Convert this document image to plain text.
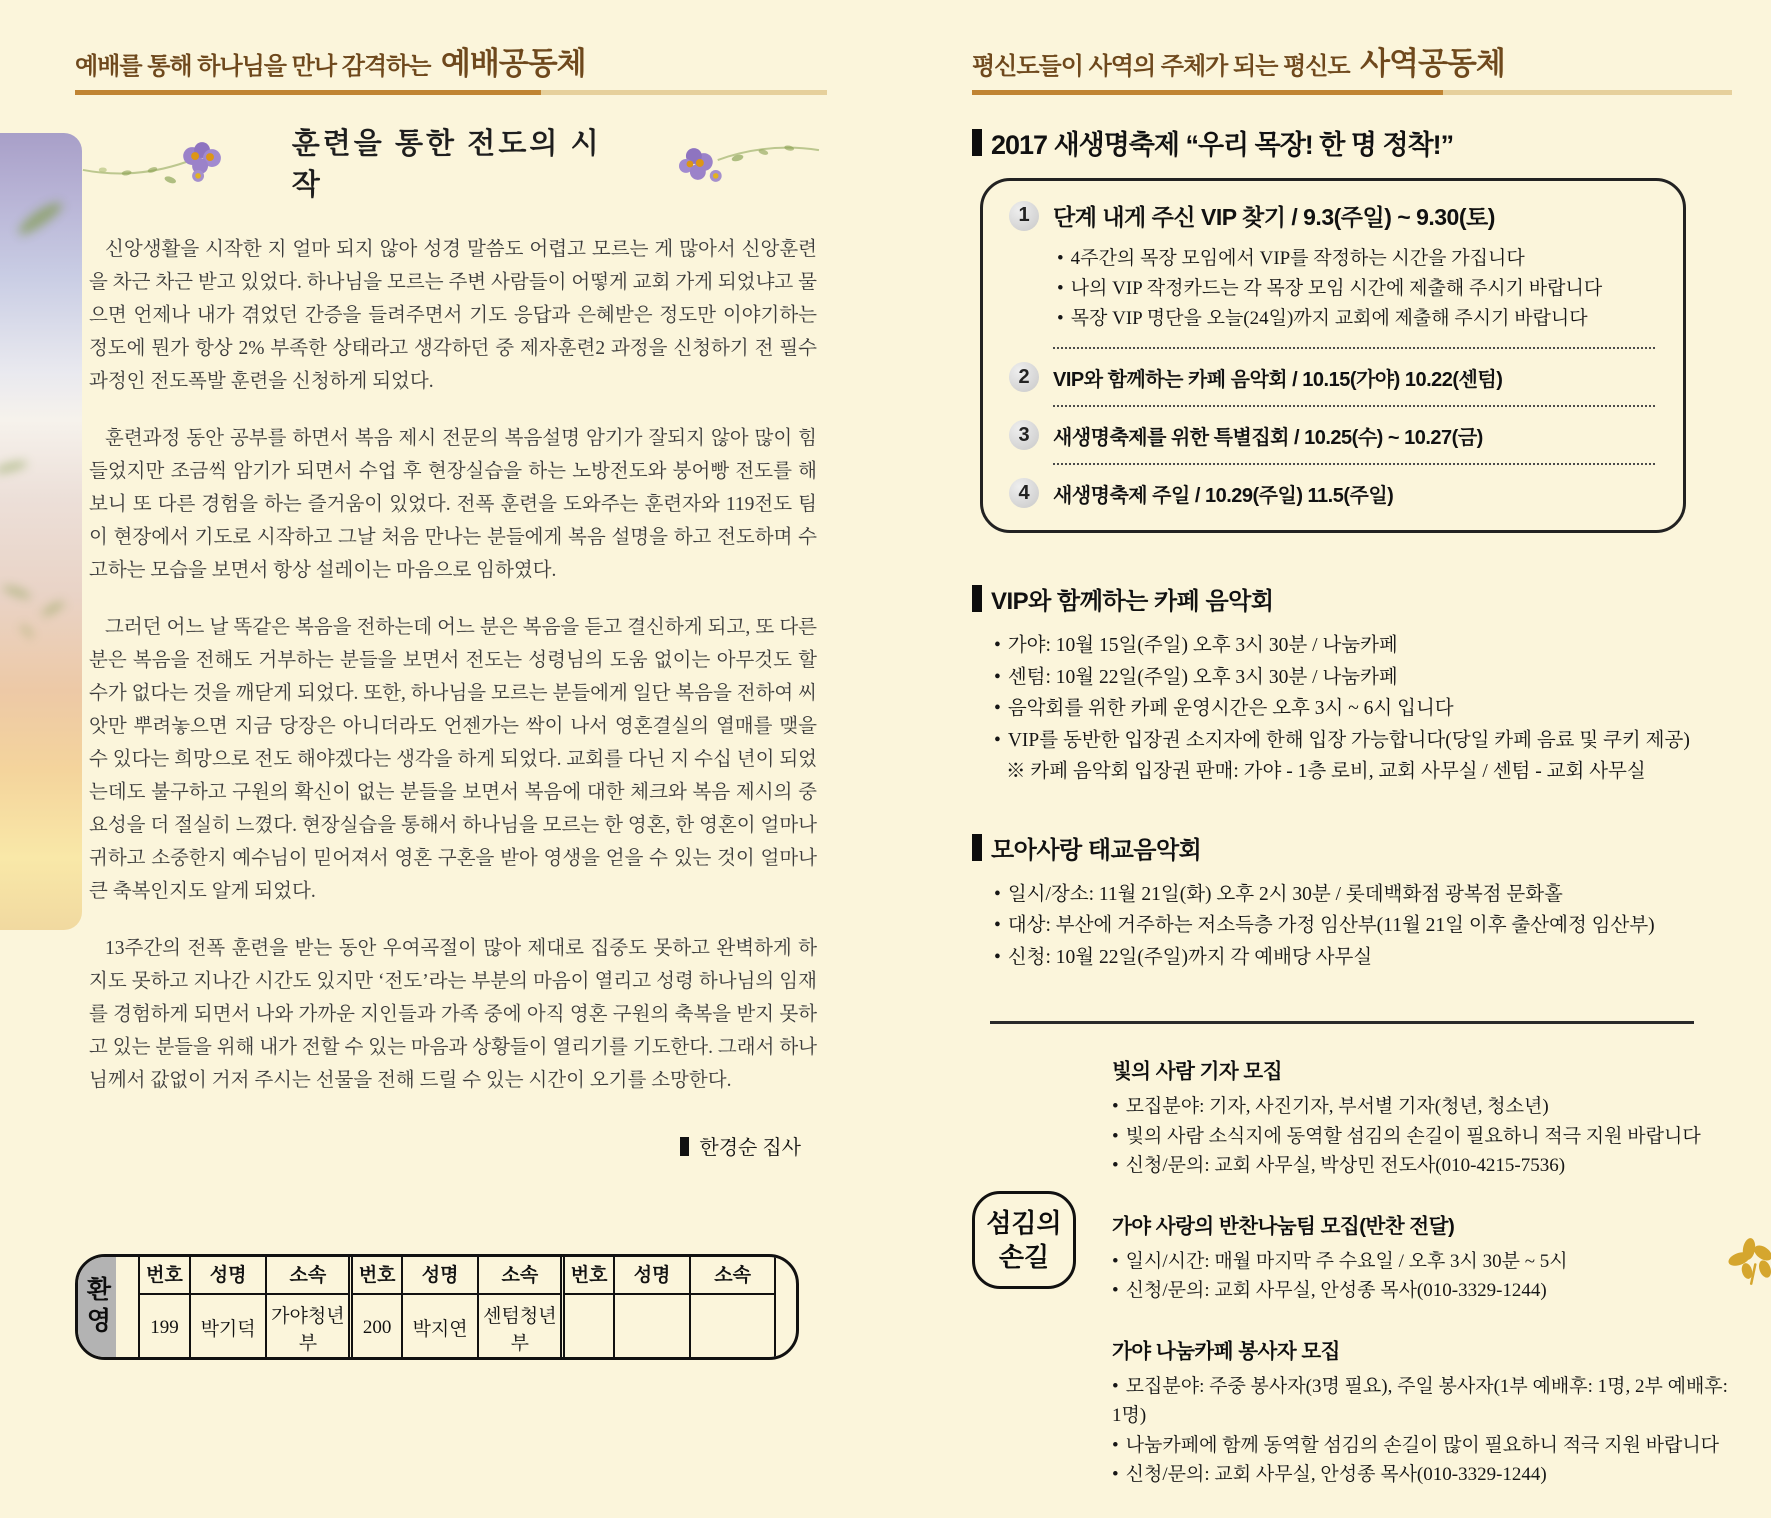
예배를 통해 하나님을 만나 감격하는 예배공동체
훈련을 통한 전도의 시작

신앙생활을 시작한 지 얼마 되지 않아 성경 말씀도 어렵고 모르는 게 많아서 신앙훈련을 차근 차근 받고 있었다. 하나님을 모르는 주변 사람들이 어떻게 교회 가게 되었냐고 물으면 언제나 내가 겪었던 간증을 들려주면서 기도 응답과 은혜받은 정도만 이야기하는 정도에 뭔가 항상 2% 부족한 상태라고 생각하던 중 제자훈련2 과정을 신청하기 전 필수 과정인 전도폭발 훈련을 신청하게 되었다.

훈련과정 동안 공부를 하면서 복음 제시 전문의 복음설명 암기가 잘되지 않아 많이 힘들었지만 조금씩 암기가 되면서 수업 후 현장실습을 하는 노방전도와 붕어빵 전도를 해보니 또 다른 경험을 하는 즐거움이 있었다. 전폭 훈련을 도와주는 훈련자와 119전도 팀이 현장에서 기도로 시작하고 그날 처음 만나는 분들에게 복음 설명을 하고 전도하며 수고하는 모습을 보면서 항상 설레이는 마음으로 임하였다.

그러던 어느 날 똑같은 복음을 전하는데 어느 분은 복음을 듣고 결신하게 되고, 또 다른 분은 복음을 전해도 거부하는 분들을 보면서 전도는 성령님의 도움 없이는 아무것도 할 수가 없다는 것을 깨닫게 되었다. 또한, 하나님을 모르는 분들에게 일단 복음을 전하여 씨앗만 뿌려놓으면 지금 당장은 아니더라도 언젠가는 싹이 나서 영혼결실의 열매를 맺을 수 있다는 희망으로 전도 해야겠다는 생각을 하게 되었다. 교회를 다닌 지 수십 년이 되었는데도 불구하고 구원의 확신이 없는 분들을 보면서 복음에 대한 체크와 복음 제시의 중요성을 더 절실히 느꼈다. 현장실습을 통해서 하나님을 모르는 한 영혼, 한 영혼이 얼마나 귀하고 소중한지 예수님이 믿어져서 영혼 구혼을 받아 영생을 얻을 수 있는 것이 얼마나 큰 축복인지도 알게 되었다.

13주간의 전폭 훈련을 받는 동안 우여곡절이 많아 제대로 집중도 못하고 완벽하게 하지도 못하고 지나간 시간도 있지만 ‘전도’라는 부분의 마음이 열리고 성령 하나님의 임재를 경험하게 되면서 나와 가까운 지인들과 가족 중에 아직 영혼 구원의 축복을 받지 못하고 있는 분들을 위해 내가 전할 수 있는 마음과 상황들이 열리기를 기도한다. 그래서 하나님께서 값없이 거저 주시는 선물을 전해 드릴 수 있는 시간이 오기를 소망한다.

한경순 집사
환영
번호	성명	소속	번호	성명	소속	번호	성명	소속
199	박기덕	가야청년부	200	박지연	센텀청년부			
평신도들이 사역의 주체가 되는 평신도 사역공동체
2017 새생명축제 “우리 목장! 한 명 정착!”
1	단계 내게 주신 VIP 찾기 / 9.3(주일) ~ 9.30(토)
• 4주간의 목장 모임에서 VIP를 작정하는 시간을 가집니다
• 나의 VIP 작정카드는 각 목장 모임 시간에 제출해 주시기 바랍니다
• 목장 VIP 명단을 오늘(24일)까지 교회에 제출해 주시기 바랍니다
2	VIP와 함께하는 카페 음악회 / 10.15(가야) 10.22(센텀)
3	새생명축제를 위한 특별집회 / 10.25(수) ~ 10.27(금)
4	새생명축제 주일 / 10.29(주일) 11.5(주일)
VIP와 함께하는 카페 음악회
• 가야: 10월 15일(주일) 오후 3시 30분 / 나눔카페
• 센텀: 10월 22일(주일) 오후 3시 30분 / 나눔카페
• 음악회를 위한 카페 운영시간은 오후 3시 ~ 6시 입니다
• VIP를 동반한 입장권 소지자에 한해 입장 가능합니다(당일 카페 음료 및 쿠키 제공)
※ 카페 음악회 입장권 판매: 가야 - 1층 로비, 교회 사무실 / 센텀 - 교회 사무실
모아사랑 태교음악회
• 일시/장소: 11월 21일(화) 오후 2시 30분 / 롯데백화점 광복점 문화홀
• 대상: 부산에 거주하는 저소득층 가정 임산부(11월 21일 이후 출산예정 임산부)
• 신청: 10월 22일(주일)까지 각 예배당 사무실
섬김의
손길
빛의 사람 기자 모집
• 모집분야: 기자, 사진기자, 부서별 기자(청년, 청소년)
• 빛의 사람 소식지에 동역할 섬김의 손길이 필요하니 적극 지원 바랍니다
• 신청/문의: 교회 사무실, 박상민 전도사(010-4215-7536)
가야 사랑의 반찬나눔팀 모집(반찬 전달)
• 일시/시간: 매월 마지막 주 수요일 / 오후 3시 30분 ~ 5시
• 신청/문의: 교회 사무실, 안성종 목사(010-3329-1244)
가야 나눔카페 봉사자 모집
• 모집분야: 주중 봉사자(3명 필요), 주일 봉사자(1부 예배후: 1명, 2부 예배후: 1명)
• 나눔카페에 함께 동역할 섬김의 손길이 많이 필요하니 적극 지원 바랍니다
• 신청/문의: 교회 사무실, 안성종 목사(010-3329-1244)
